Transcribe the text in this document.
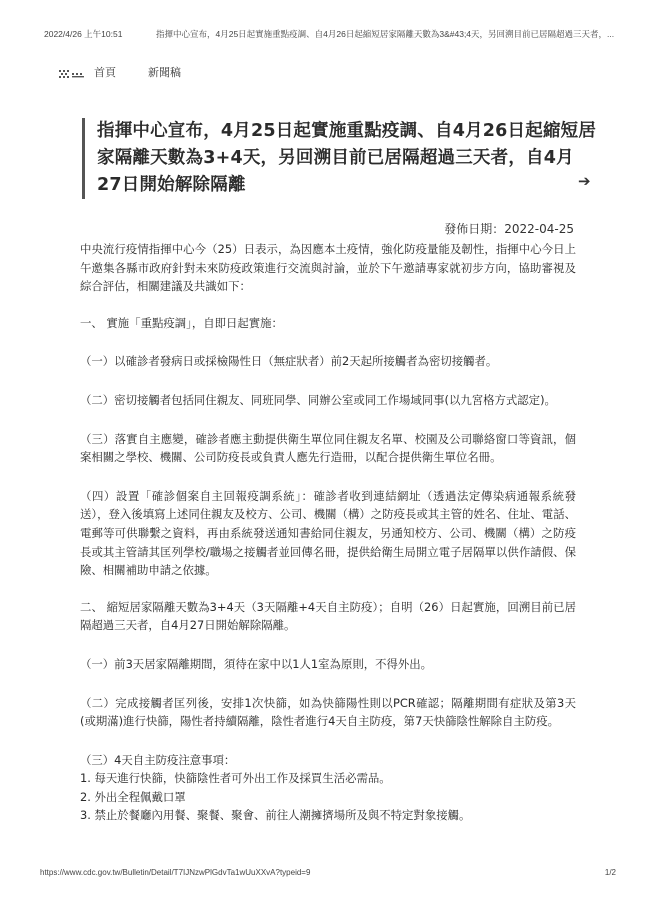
2022/4/26 上午10:51	指揮中心宣布，4月25日起實施重點疫調、自4月26日起縮短居家隔離天數為3&#43;4天，另回溯目前已居隔超過三天者，...
首頁	新聞稿
指揮中心宣布，4月25日起實施重點疫調、自4月26日起縮短居家隔離天數為3+4天，另回溯目前已居隔超過三天者，自4月27日開始解除隔離	➔
發佈日期：2022-04-25

中央流行疫情指揮中心今（25）日表示，為因應本土疫情，強化防疫量能及韌性，指揮中心今日上午邀集各縣市政府針對未來防疫政策進行交流與討論，並於下午邀請專家就初步方向，協助審視及綜合評估，相關建議及共識如下：

一、 實施「重點疫調」，自即日起實施：

（一）以確診者發病日或採檢陽性日（無症狀者）前2天起所接觸者為密切接觸者。

（二）密切接觸者包括同住親友、同班同學、同辦公室或同工作場域同事(以九宮格方式認定)。

（三）落實自主應變，確診者應主動提供衛生單位同住親友名單、校園及公司聯絡窗口等資訊，個案相關之學校、機關、公司防疫長或負責人應先行造冊，以配合提供衛生單位名冊。

（四）設置「確診個案自主回報疫調系統」：確診者收到連結網址（透過法定傳染病通報系統發送），登入後填寫上述同住親友及校方、公司、機關（構）之防疫長或其主管的姓名、住址、電話、電郵等可供聯繫之資料，再由系統發送通知書給同住親友，另通知校方、公司、機關（構）之防疫長或其主管請其匡列學校/職場之接觸者並回傳名冊，提供給衛生局開立電子居隔單以供作請假、保險、相關補助申請之依據。

二、 縮短居家隔離天數為3+4天（3天隔離+4天自主防疫）；自明（26）日起實施，回溯目前已居隔超過三天者，自4月27日開始解除隔離。

（一）前3天居家隔離期間，須待在家中以1人1室為原則，不得外出。

（二）完成接觸者匡列後，安排1次快篩，如為快篩陽性則以PCR確認；隔離期間有症狀及第3天(或期滿)進行快篩，陽性者持續隔離，陰性者進行4天自主防疫，第7天快篩陰性解除自主防疫。

（三）4天自主防疫注意事項：

1. 每天進行快篩，快篩陰性者可外出工作及採買生活必需品。

2. 外出全程佩戴口罩

3. 禁止於餐廳內用餐、聚餐、聚會、前往人潮擁擠場所及與不特定對象接觸。

https://www.cdc.gov.tw/Bulletin/Detail/T7IJNzwPlGdvTa1wUuXXvA?typeid=9	1/2
